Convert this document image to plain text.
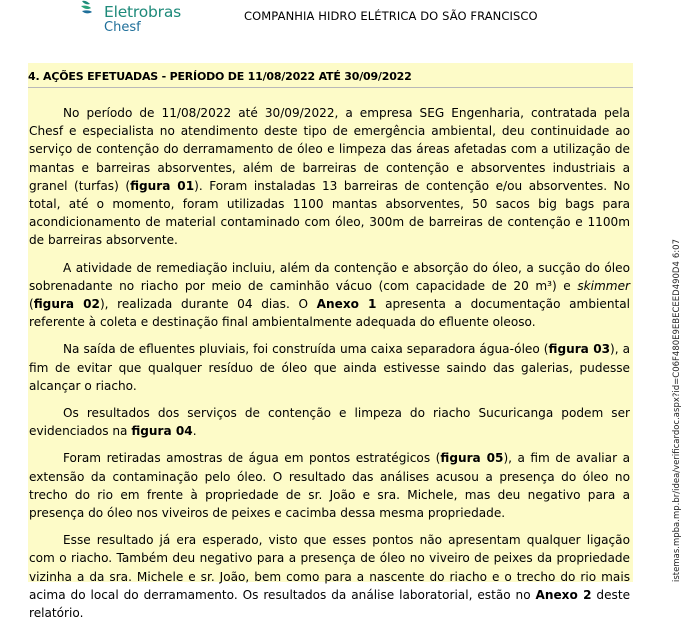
Eletrobras
Chesf
COMPANHIA HIDRO ELÉTRICA DO SÃO FRANCISCO
4. AÇÕES EFETUADAS - PERÍODO DE 11/08/2022 ATÉ 30/09/2022

No período de 11/08/2022 até 30/09/2022, a empresa SEG Engenharia, contratada pela Chesf e especialista no atendimento deste tipo de emergência ambiental, deu continuidade ao serviço de contenção do derramamento de óleo e limpeza das áreas afetadas com a utilização de mantas e barreiras absorventes, além de barreiras de contenção e absorventes industriais a granel (turfas) (figura 01). Foram instaladas 13 barreiras de contenção e/ou absorventes. No total, até o momento, foram utilizadas 1100 mantas absorventes, 50 sacos big bags para acondicionamento de material contaminado com óleo, 300m de barreiras de contenção e 1100m de barreiras absorvente.

A atividade de remediação incluiu, além da contenção e absorção do óleo, a sucção do óleo sobrenadante no riacho por meio de caminhão vácuo (com capacidade de 20 m³) e skimmer (figura 02), realizada durante 04 dias. O Anexo 1 apresenta a documentação ambiental referente à coleta e destinação final ambientalmente adequada do efluente oleoso.

Na saída de efluentes pluviais, foi construída uma caixa separadora água-óleo (figura 03), a fim de evitar que qualquer resíduo de óleo que ainda estivesse saindo das galerias, pudesse alcançar o riacho.

Os resultados dos serviços de contenção e limpeza do riacho Sucuricanga podem ser evidenciados na figura 04.

Foram retiradas amostras de água em pontos estratégicos (figura 05), a fim de avaliar a extensão da contaminação pelo óleo. O resultado das análises acusou a presença do óleo no trecho do rio em frente à propriedade de sr. João e sra. Michele, mas deu negativo para a presença do óleo nos viveiros de peixes e cacimba dessa mesma propriedade.

Esse resultado já era esperado, visto que esses pontos não apresentam qualquer ligação com o riacho. Também deu negativo para a presença de óleo no viveiro de peixes da propriedade vizinha a da sra. Michele e sr. João, bem como para a nascente do riacho e o trecho do rio mais acima do local do derramamento. Os resultados da análise laboratorial, estão no Anexo 2 deste relatório.

istemas.mpba.mp.br/idea/verificardoc.aspx?id=C06F480E9EBECEED490D46:07
